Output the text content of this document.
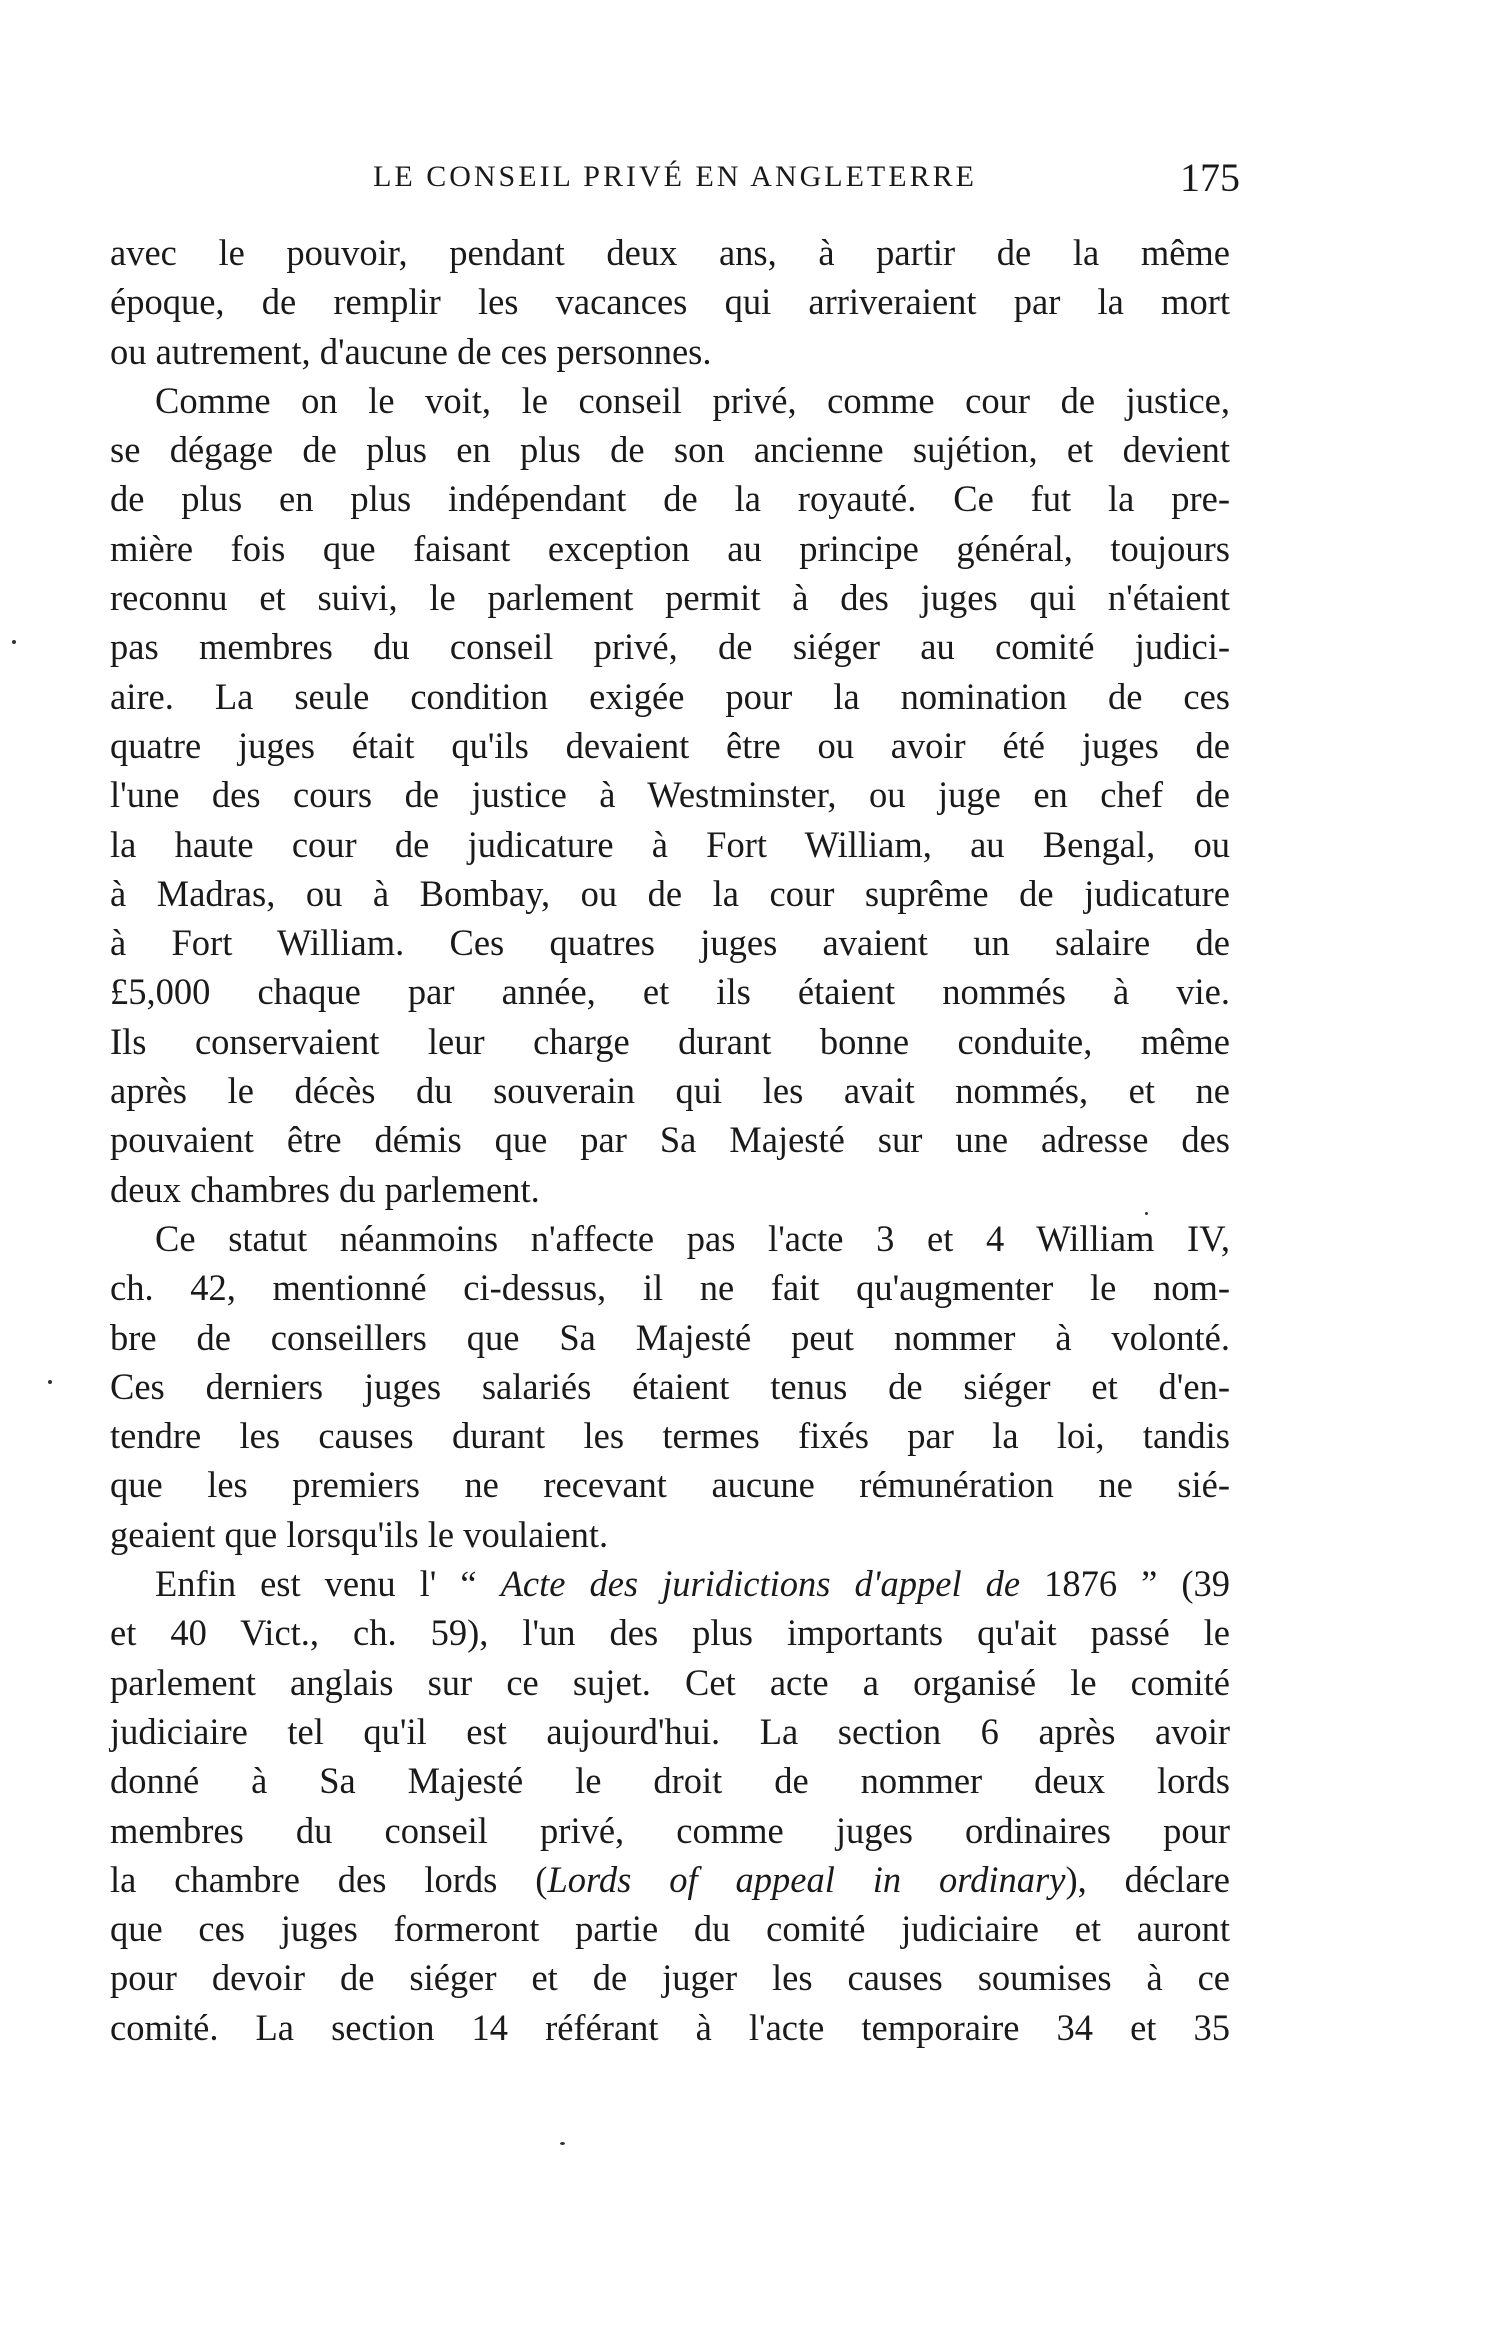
LE CONSEIL PRIVÉ EN ANGLETERRE	175
avec le pouvoir, pendant deux ans, à partir de la même
époque, de remplir les vacances qui arriveraient par la mort
ou autrement, d'aucune de ces personnes.
Comme on le voit, le conseil privé, comme cour de justice,
se dégage de plus en plus de son ancienne sujétion, et devient
de plus en plus indépendant de la royauté. Ce fut la pre-
mière fois que faisant exception au principe général, toujours
reconnu et suivi, le parlement permit à des juges qui n'étaient
pas membres du conseil privé, de siéger au comité judici-
aire. La seule condition exigée pour la nomination de ces
quatre juges était qu'ils devaient être ou avoir été juges de
l'une des cours de justice à Westminster, ou juge en chef de
la haute cour de judicature à Fort William, au Bengal, ou
à Madras, ou à Bombay, ou de la cour suprême de judicature
à Fort William. Ces quatres juges avaient un salaire de
£5,000 chaque par année, et ils étaient nommés à vie.
Ils conservaient leur charge durant bonne conduite, même
après le décès du souverain qui les avait nommés, et ne
pouvaient être démis que par Sa Majesté sur une adresse des
deux chambres du parlement.
Ce statut néanmoins n'affecte pas l'acte 3 et 4 William IV,
ch. 42, mentionné ci-dessus, il ne fait qu'augmenter le nom-
bre de conseillers que Sa Majesté peut nommer à volonté.
Ces derniers juges salariés étaient tenus de siéger et d'en-
tendre les causes durant les termes fixés par la loi, tandis
que les premiers ne recevant aucune rémunération ne sié-
geaient que lorsqu'ils le voulaient.
Enfin est venu l' “ Acte des juridictions d'appel de 1876 ” (39
et 40 Vict., ch. 59), l'un des plus importants qu'ait passé le
parlement anglais sur ce sujet. Cet acte a organisé le comité
judiciaire tel qu'il est aujourd'hui. La section 6 après avoir
donné à Sa Majesté le droit de nommer deux lords
membres du conseil privé, comme juges ordinaires pour
la chambre des lords (Lords of appeal in ordinary), déclare
que ces juges formeront partie du comité judiciaire et auront
pour devoir de siéger et de juger les causes soumises à ce
comité. La section 14 référant à l'acte temporaire 34 et 35
